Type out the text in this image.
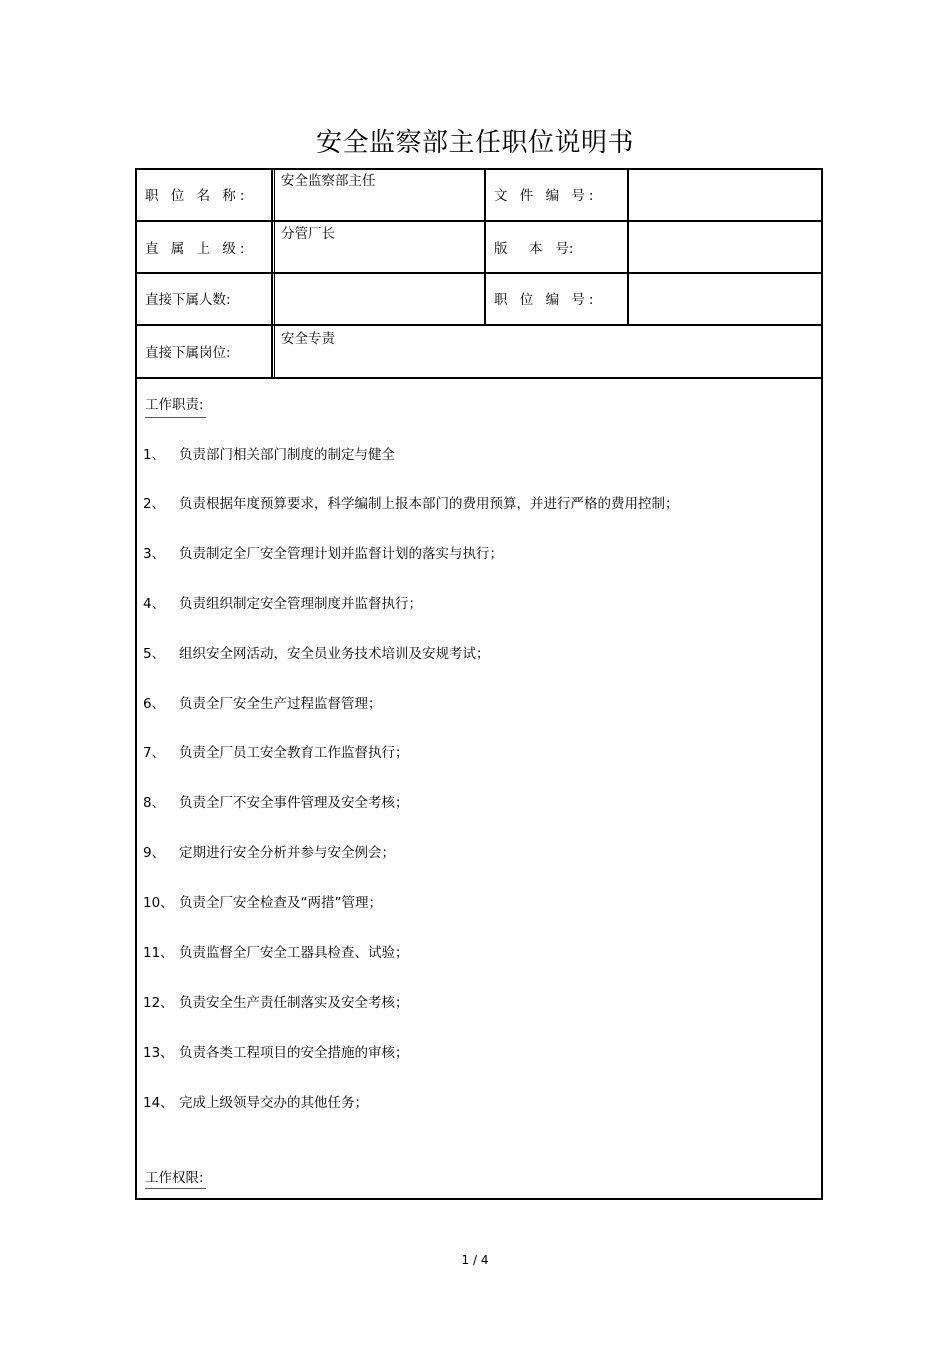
安全监察部主任职位说明书
职 位 名 称:
安全监察部主任
文 件 编 号:
直 属 上 级:
分管厂长
版     本   号:
直接下属人数:	职 位 编 号:
直接下属岗位:
安全专责
工作职责:
1、 负责部门相关部门制度的制定与健全
2、 负责根据年度预算要求，科学编制上报本部门的费用预算，并进行严格的费用控制；
3、 负责制定全厂安全管理计划并监督计划的落实与执行；
4、 负责组织制定安全管理制度并监督执行；
5、 组织安全网活动，安全员业务技术培训及安规考试；
6、 负责全厂安全生产过程监督管理；
7、 负责全厂员工安全教育工作监督执行；
8、 负责全厂不安全事件管理及安全考核；
9、 定期进行安全分析并参与安全例会；
10、 负责全厂安全检查及“两措”管理；
11、 负责监督全厂安全工器具检查、试验；
12、 负责安全生产责任制落实及安全考核；
13、 负责各类工程项目的安全措施的审核；
14、 完成上级领导交办的其他任务；
工作权限:
1 / 4
